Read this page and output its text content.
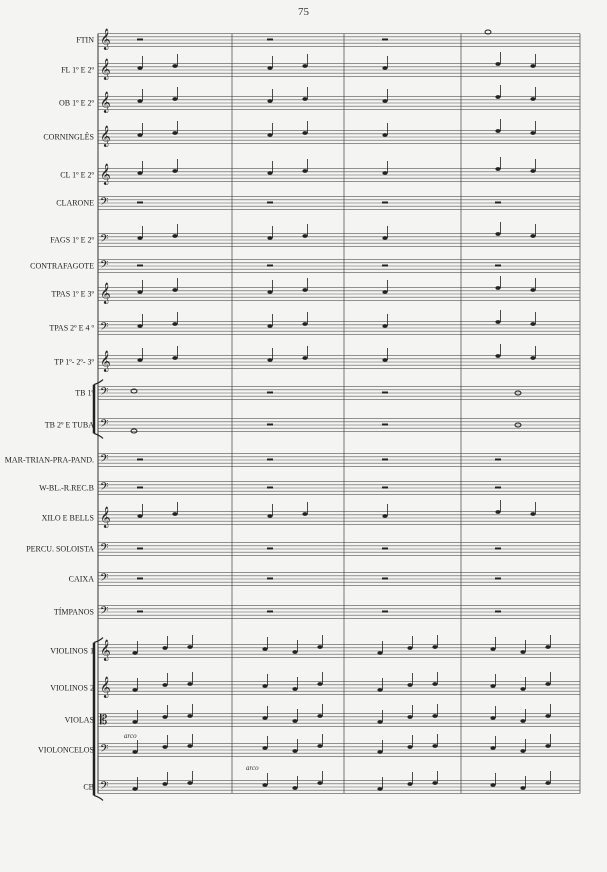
75
𝄞
𝄞
𝄞
𝄞
𝄞
𝄢
𝄢
𝄢
𝄞
𝄢
𝄞
𝄢
𝄢
𝄢
𝄢
𝄞
𝄢
𝄢
𝄢
𝄞
𝄞
𝄡
𝄢
𝄢
FTIN
FL 1º E 2º
OB 1º E 2º
CORNINGLÊS
CL 1º E 2º
CLARONE
FAGS 1º E 2º
CONTRAFAGOTE
TPAS 1º E 3º
TPAS 2º E 4 º
TP 1º- 2º- 3º
TB 1º
TB 2º E TUBA
MAR-TRIAN-PRA-PAND.
W-BL.-R.REC.B
XILO E BELLS
PERCU. SOLOISTA
CAIXA
TÍMPANOS
VIOLINOS 1
VIOLINOS 2
VIOLAS
VIOLONCELOS
CB
arco
arco
